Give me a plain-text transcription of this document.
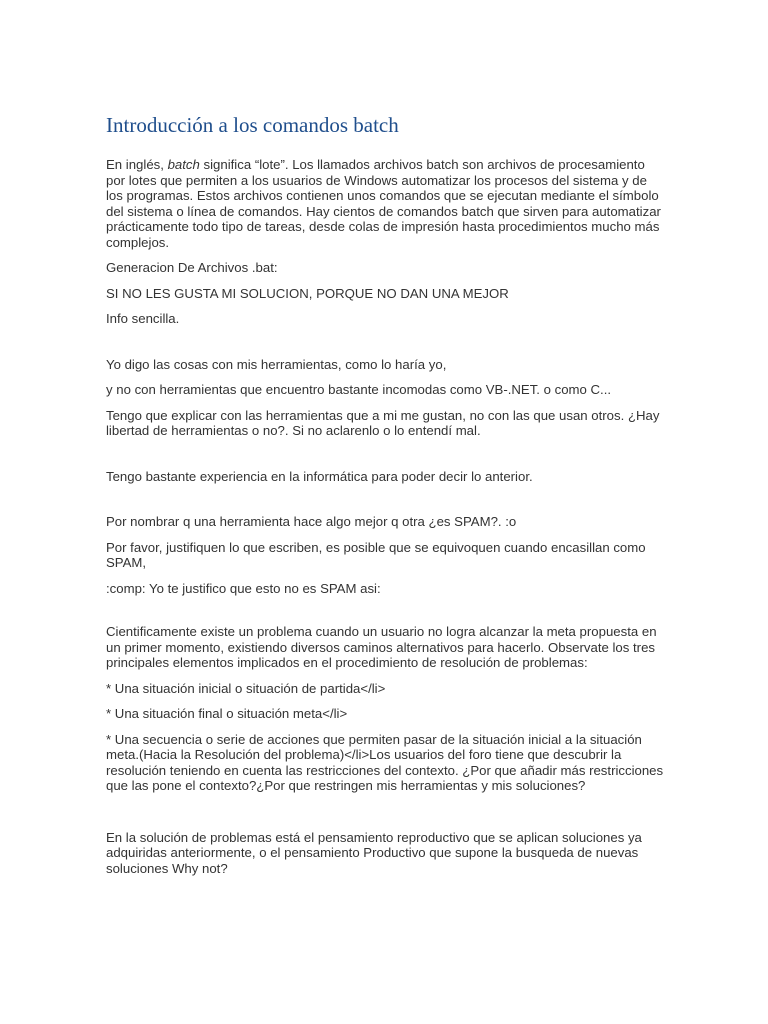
Introducción a los comandos batch

En inglés, batch significa “lote”. Los llamados archivos batch son archivos de procesamiento por lotes que permiten a los usuarios de Windows automatizar los procesos del sistema y de los programas. Estos archivos contienen unos comandos que se ejecutan mediante el símbolo del sistema o línea de comandos. Hay cientos de comandos batch que sirven para automatizar prácticamente todo tipo de tareas, desde colas de impresión hasta procedimientos mucho más complejos.

Generacion De Archivos .bat:

SI NO LES GUSTA MI SOLUCION, PORQUE NO DAN UNA MEJOR

Info sencilla.

Yo digo las cosas con mis herramientas, como lo haría yo,

y no con herramientas que encuentro bastante incomodas como VB-.NET. o como C...

Tengo que explicar con las herramientas que a mi me gustan, no con las que usan otros. ¿Hay libertad de herramientas o no?. Si no aclarenlo o lo entendí mal.

Tengo bastante experiencia en la informática para poder decir lo anterior.

Por nombrar q una herramienta hace algo mejor q otra ¿es SPAM?. :o

Por favor, justifiquen lo que escriben, es posible que se equivoquen cuando encasillan como SPAM,

:comp: Yo te justifico que esto no es SPAM asi:

Cientificamente existe un problema cuando un usuario no logra alcanzar la meta propuesta en un primer momento, existiendo diversos caminos alternativos para hacerlo. Observate los tres principales elementos implicados en el procedimiento de resolución de problemas:

* Una situación inicial o situación de partida</li>

* Una situación final o situación meta</li>

* Una secuencia o serie de acciones que permiten pasar de la situación inicial a la situación meta.(Hacia la Resolución del problema)</li>Los usuarios del foro tiene que descubrir la resolución teniendo en cuenta las restricciones del contexto. ¿Por que añadir más restricciones que las pone el contexto?¿Por que restringen mis herramientas y mis soluciones?

En la solución de problemas está el pensamiento reproductivo que se aplican soluciones ya adquiridas anteriormente, o el pensamiento Productivo que supone la busqueda de nuevas soluciones Why not?
